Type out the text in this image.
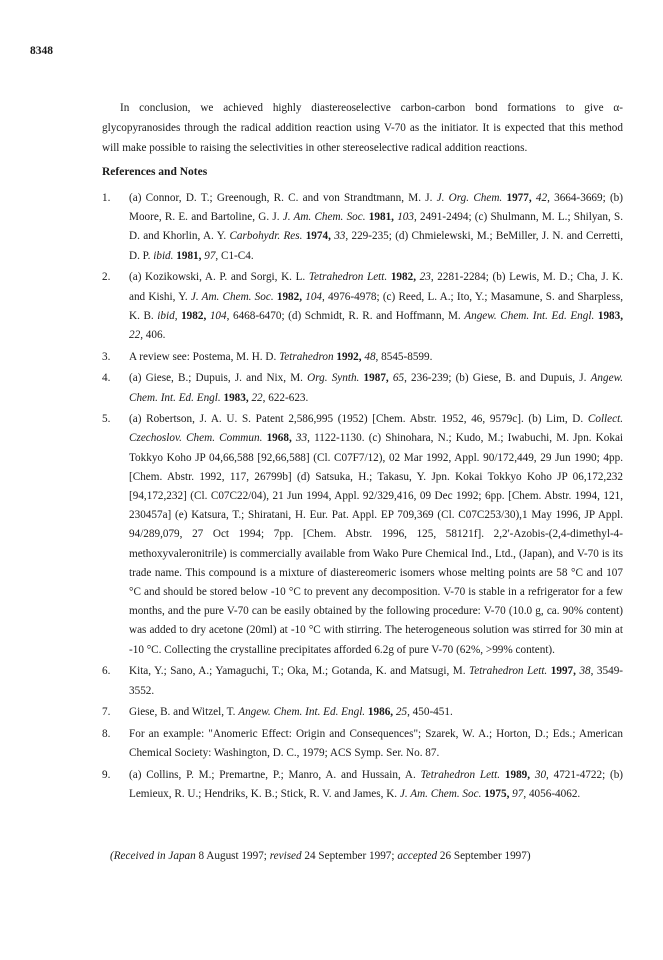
8348

In conclusion, we achieved highly diastereoselective carbon-carbon bond formations to give α-glycopyranosides through the radical addition reaction using V-70 as the initiator. It is expected that this method will make possible to raising the selectivities in other stereoselective radical addition reactions.

References and Notes
1. (a) Connor, D. T.; Greenough, R. C. and von Strandtmann, M. J. J. Org. Chem. 1977, 42, 3664-3669; (b) Moore, R. E. and Bartoline, G. J. J. Am. Chem. Soc. 1981, 103, 2491-2494; (c) Shulmann, M. L.; Shilyan, S. D. and Khorlin, A. Y. Carbohydr. Res. 1974, 33, 229-235; (d) Chmielewski, M.; BeMiller, J. N. and Cerretti, D. P. ibid. 1981, 97, C1-C4.
2. (a) Kozikowski, A. P. and Sorgi, K. L. Tetrahedron Lett. 1982, 23, 2281-2284; (b) Lewis, M. D.; Cha, J. K. and Kishi, Y. J. Am. Chem. Soc. 1982, 104, 4976-4978; (c) Reed, L. A.; Ito, Y.; Masamune, S. and Sharpless, K. B. ibid, 1982, 104, 6468-6470; (d) Schmidt, R. R. and Hoffmann, M. Angew. Chem. Int. Ed. Engl. 1983, 22, 406.
3. A review see: Postema, M. H. D. Tetrahedron 1992, 48, 8545-8599.
4. (a) Giese, B.; Dupuis, J. and Nix, M. Org. Synth. 1987, 65, 236-239; (b) Giese, B. and Dupuis, J. Angew. Chem. Int. Ed. Engl. 1983, 22, 622-623.
5. (a) Robertson, J. A. U. S. Patent 2,586,995 (1952) [Chem. Abstr. 1952, 46, 9579c]. (b) Lim, D. Collect. Czechoslov. Chem. Commun. 1968, 33, 1122-1130. (c) Shinohara, N.; Kudo, M.; Iwabuchi, M. Jpn. Kokai Tokkyo Koho JP 04,66,588 [92,66,588] (Cl. C07F7/12), 02 Mar 1992, Appl. 90/172,449, 29 Jun 1990; 4pp. [Chem. Abstr. 1992, 117, 26799b] (d) Satsuka, H.; Takasu, Y. Jpn. Kokai Tokkyo Koho JP 06,172,232 [94,172,232] (Cl. C07C22/04), 21 Jun 1994, Appl. 92/329,416, 09 Dec 1992; 6pp. [Chem. Abstr. 1994, 121, 230457a] (e) Katsura, T.; Shiratani, H. Eur. Pat. Appl. EP 709,369 (Cl. C07C253/30),1 May 1996, JP Appl. 94/289,079, 27 Oct 1994; 7pp. [Chem. Abstr. 1996, 125, 58121f]. 2,2'-Azobis-(2,4-dimethyl-4-methoxyvaleronitrile) is commercially available from Wako Pure Chemical Ind., Ltd., (Japan), and V-70 is its trade name. This compound is a mixture of diastereomeric isomers whose melting points are 58 °C and 107 °C and should be stored below -10 °C to prevent any decomposition. V-70 is stable in a refrigerator for a few months, and the pure V-70 can be easily obtained by the following procedure: V-70 (10.0 g, ca. 90% content) was added to dry acetone (20ml) at -10 °C with stirring. The heterogeneous solution was stirred for 30 min at -10 °C. Collecting the crystalline precipitates afforded 6.2g of pure V-70 (62%, >99% content).
6. Kita, Y.; Sano, A.; Yamaguchi, T.; Oka, M.; Gotanda, K. and Matsugi, M. Tetrahedron Lett. 1997, 38, 3549-3552.
7. Giese, B. and Witzel, T. Angew. Chem. Int. Ed. Engl. 1986, 25, 450-451.
8. For an example: "Anomeric Effect: Origin and Consequences"; Szarek, W. A.; Horton, D.; Eds.; American Chemical Society: Washington, D. C., 1979; ACS Symp. Ser. No. 87.
9. (a) Collins, P. M.; Premartne, P.; Manro, A. and Hussain, A. Tetrahedron Lett. 1989, 30, 4721-4722; (b) Lemieux, R. U.; Hendriks, K. B.; Stick, R. V. and James, K. J. Am. Chem. Soc. 1975, 97, 4056-4062.

(Received in Japan 8 August 1997; revised 24 September 1997; accepted 26 September 1997)
